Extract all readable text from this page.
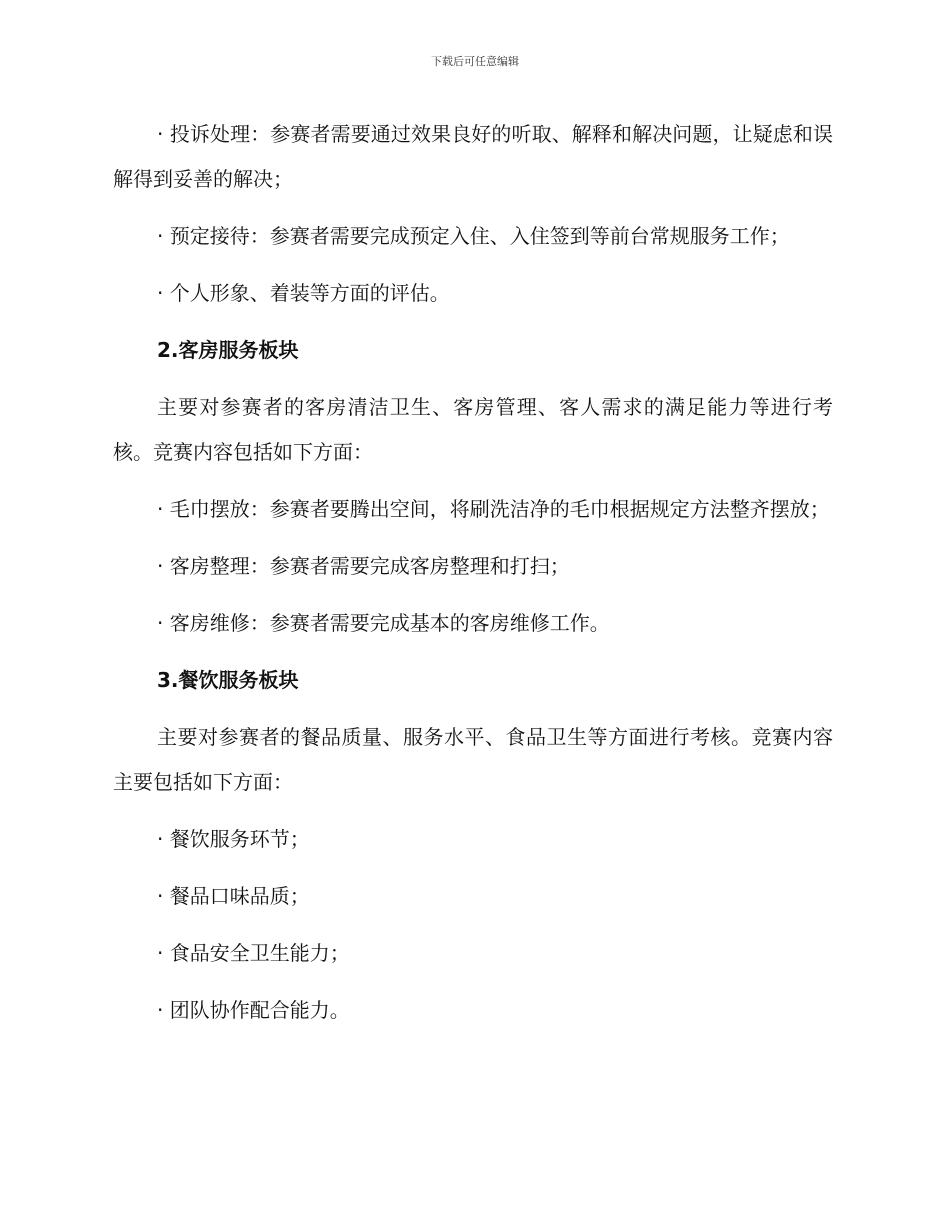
下载后可任意编辑

· 投诉处理：参赛者需要通过效果良好的听取、解释和解决问题，让疑虑和误解得到妥善的解决；

· 预定接待：参赛者需要完成预定入住、入住签到等前台常规服务工作；

· 个人形象、着装等方面的评估。

2.客房服务板块

主要对参赛者的客房清洁卫生、客房管理、客人需求的满足能力等进行考核。竞赛内容包括如下方面：

· 毛巾摆放：参赛者要腾出空间，将刷洗洁净的毛巾根据规定方法整齐摆放；

· 客房整理：参赛者需要完成客房整理和打扫；

· 客房维修：参赛者需要完成基本的客房维修工作。

3.餐饮服务板块

主要对参赛者的餐品质量、服务水平、食品卫生等方面进行考核。竞赛内容主要包括如下方面：

· 餐饮服务环节；

· 餐品口味品质；

· 食品安全卫生能力；

· 团队协作配合能力。
